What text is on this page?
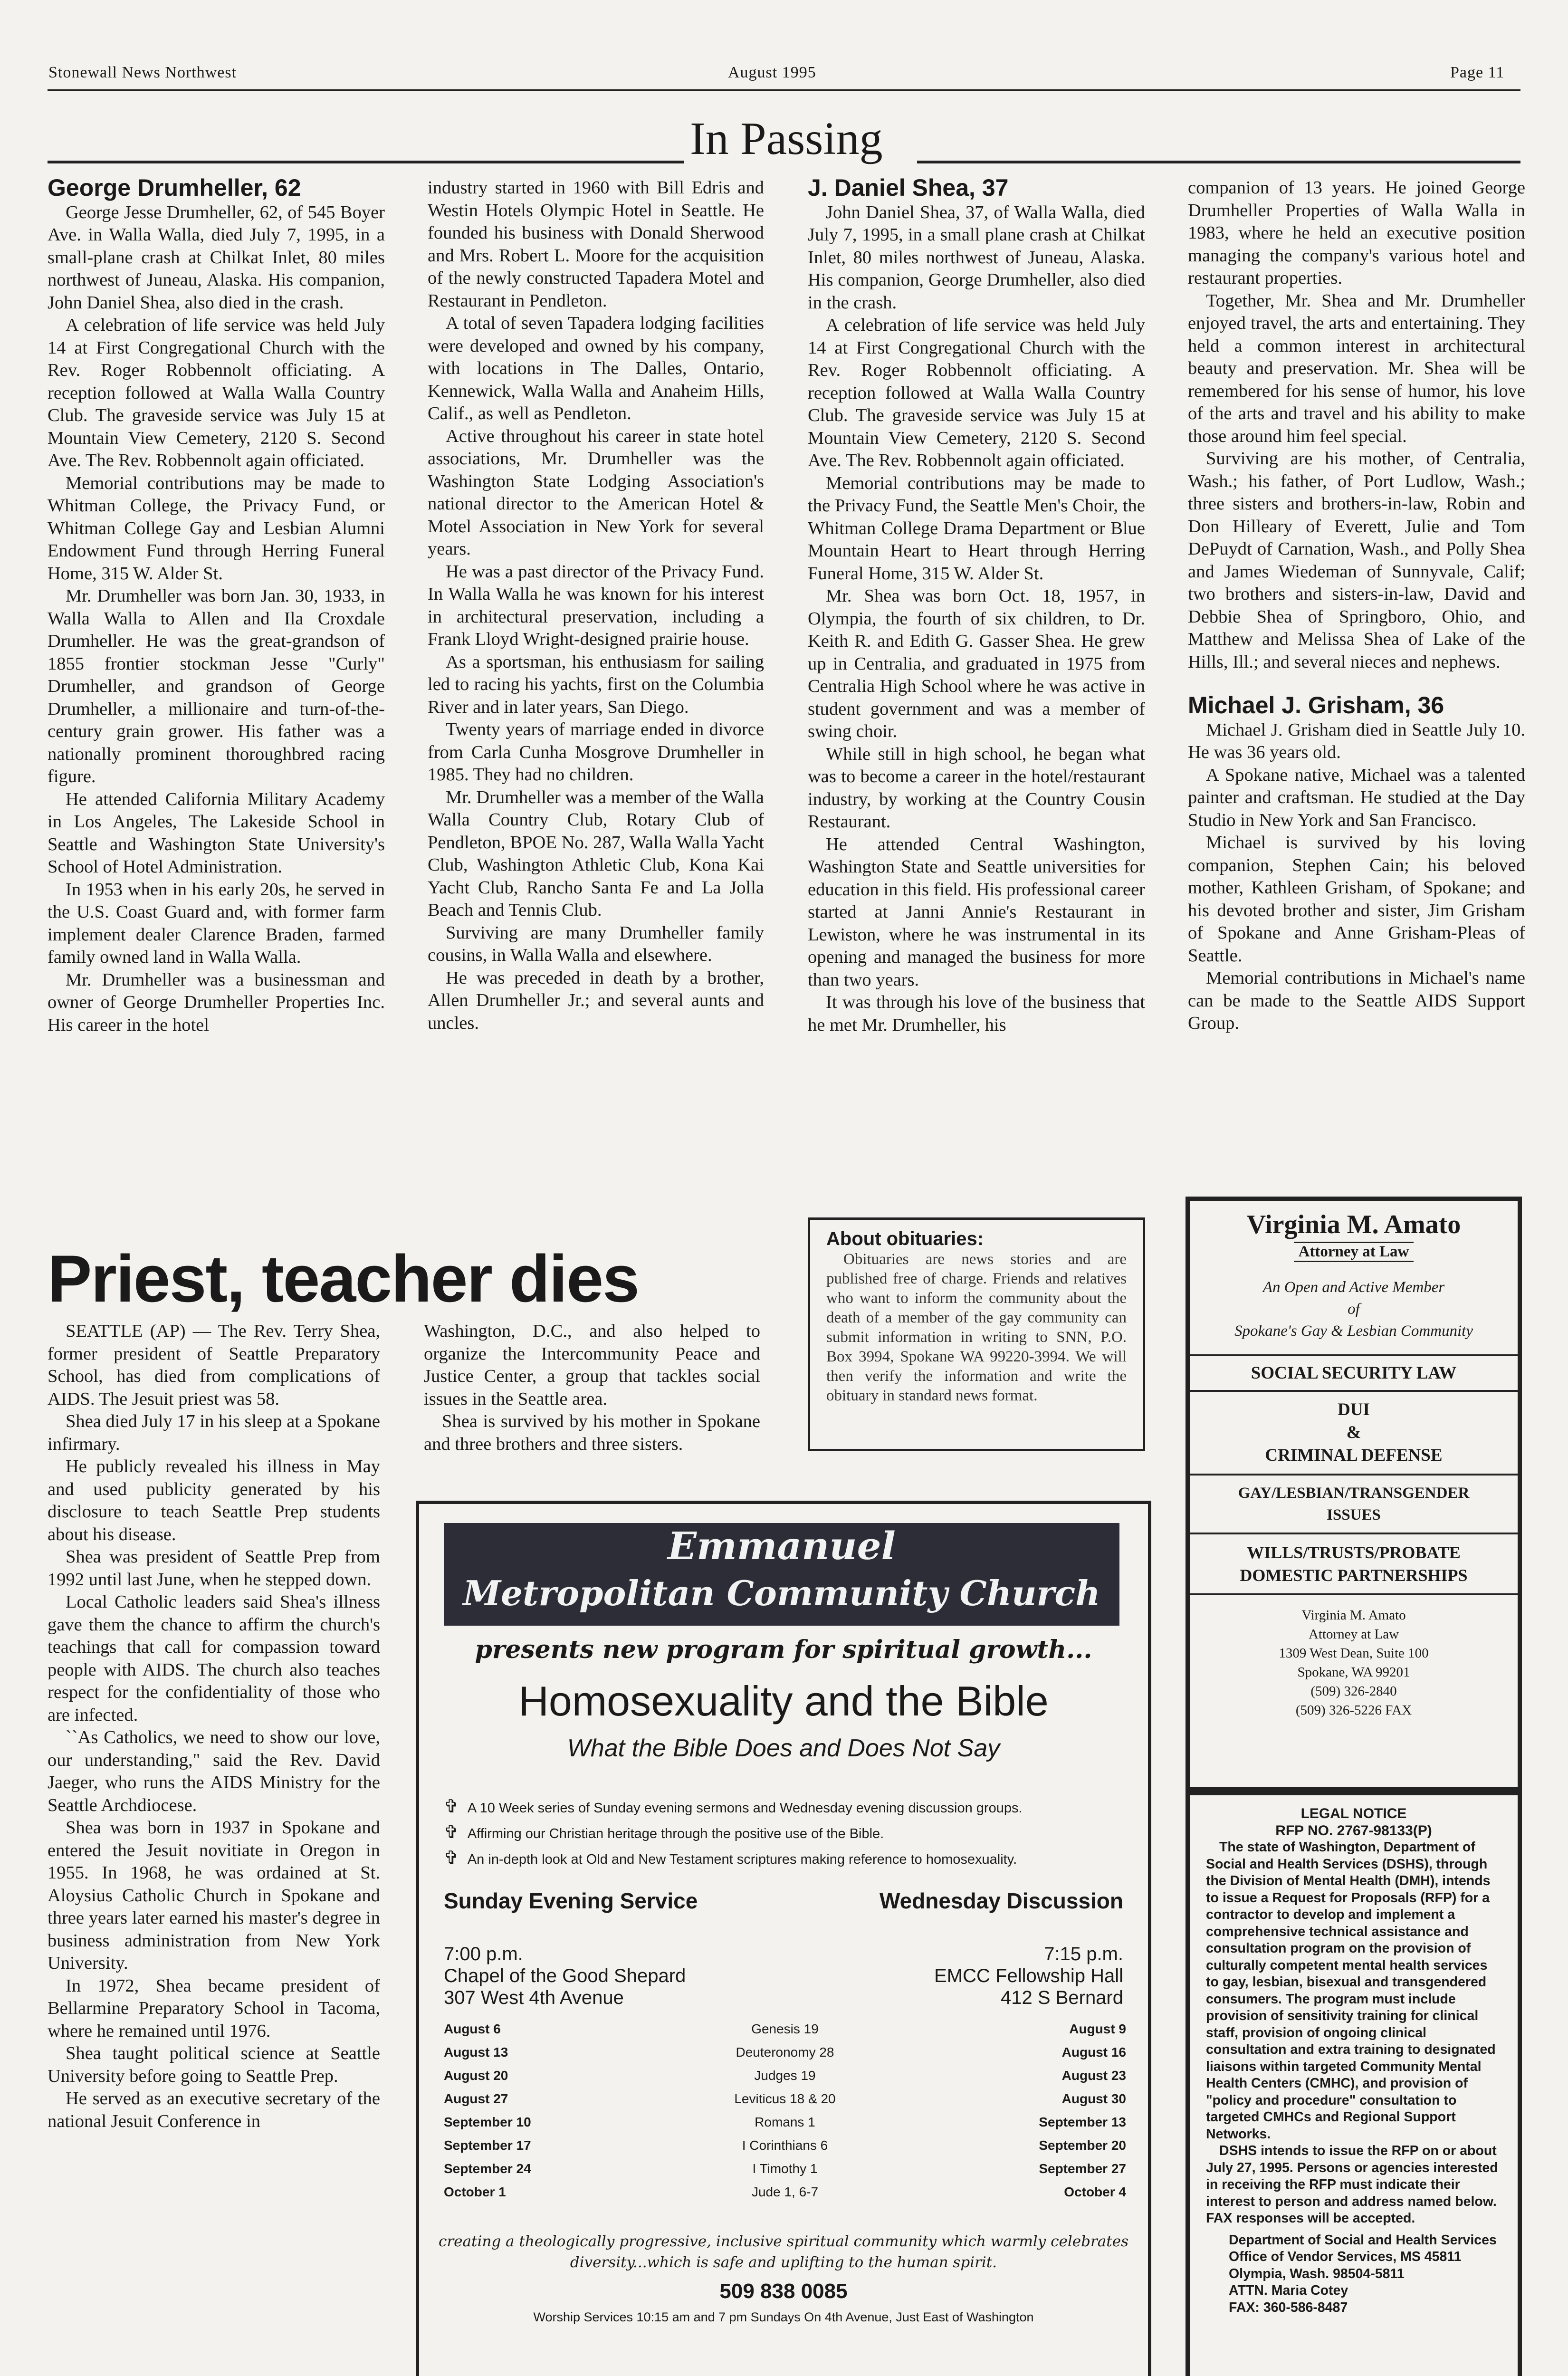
Stonewall News Northwest	August 1995	Page 11
In Passing
George Drumheller, 62

George Jesse Drumheller, 62, of 545 Boyer Ave. in Walla Walla, died July 7, 1995, in a small-plane crash at Chilkat Inlet, 80 miles northwest of Juneau, Alaska. His companion, John Daniel Shea, also died in the crash.

A celebration of life service was held July 14 at First Congregational Church with the Rev. Roger Robbennolt officiating. A reception followed at Walla Walla Country Club. The graveside service was July 15 at Mountain View Cemetery, 2120 S. Second Ave. The Rev. Robbennolt again officiated.

Memorial contributions may be made to Whitman College, the Privacy Fund, or Whitman College Gay and Lesbian Alumni Endowment Fund through Herring Funeral Home, 315 W. Alder St.

Mr. Drumheller was born Jan. 30, 1933, in Walla Walla to Allen and Ila Croxdale Drumheller. He was the great-grandson of 1855 frontier stockman Jesse "Curly" Drumheller, and grandson of George Drumheller, a millionaire and turn-of-the-century grain grower. His father was a nationally prominent thoroughbred racing figure.

He attended California Military Academy in Los Angeles, The Lakeside School in Seattle and Washington State University's School of Hotel Administration.

In 1953 when in his early 20s, he served in the U.S. Coast Guard and, with former farm implement dealer Clarence Braden, farmed family owned land in Walla Walla.

Mr. Drumheller was a businessman and owner of George Drumheller Properties Inc. His career in the hotel

industry started in 1960 with Bill Edris and Westin Hotels Olympic Hotel in Seattle. He founded his business with Donald Sherwood and Mrs. Robert L. Moore for the acquisition of the newly constructed Tapadera Motel and Restaurant in Pendleton.

A total of seven Tapadera lodging facilities were developed and owned by his company, with locations in The Dalles, Ontario, Kennewick, Walla Walla and Anaheim Hills, Calif., as well as Pendleton.

Active throughout his career in state hotel associations, Mr. Drumheller was the Washington State Lodging Association's national director to the American Hotel & Motel Association in New York for several years.

He was a past director of the Privacy Fund. In Walla Walla he was known for his interest in architectural preservation, including a Frank Lloyd Wright-designed prairie house.

As a sportsman, his enthusiasm for sailing led to racing his yachts, first on the Columbia River and in later years, San Diego.

Twenty years of marriage ended in divorce from Carla Cunha Mosgrove Drumheller in 1985. They had no children.

Mr. Drumheller was a member of the Walla Walla Country Club, Rotary Club of Pendleton, BPOE No. 287, Walla Walla Yacht Club, Washington Athletic Club, Kona Kai Yacht Club, Rancho Santa Fe and La Jolla Beach and Tennis Club.

Surviving are many Drumheller family cousins, in Walla Walla and elsewhere.

He was preceded in death by a brother, Allen Drumheller Jr.; and several aunts and uncles.

J. Daniel Shea, 37

John Daniel Shea, 37, of Walla Walla, died July 7, 1995, in a small plane crash at Chilkat Inlet, 80 miles northwest of Juneau, Alaska. His companion, George Drumheller, also died in the crash.

A celebration of life service was held July 14 at First Congregational Church with the Rev. Roger Robbennolt officiating. A reception followed at Walla Walla Country Club. The graveside service was July 15 at Mountain View Cemetery, 2120 S. Second Ave. The Rev. Robbennolt again officiated.

Memorial contributions may be made to the Privacy Fund, the Seattle Men's Choir, the Whitman College Drama Department or Blue Mountain Heart to Heart through Herring Funeral Home, 315 W. Alder St.

Mr. Shea was born Oct. 18, 1957, in Olympia, the fourth of six children, to Dr. Keith R. and Edith G. Gasser Shea. He grew up in Centralia, and graduated in 1975 from Centralia High School where he was active in student government and was a member of swing choir.

While still in high school, he began what was to become a career in the hotel/restaurant industry, by working at the Country Cousin Restaurant.

He attended Central Washington, Washington State and Seattle universities for education in this field. His professional career started at Janni Annie's Restaurant in Lewiston, where he was instrumental in its opening and managed the business for more than two years.

It was through his love of the business that he met Mr. Drumheller, his

companion of 13 years. He joined George Drumheller Properties of Walla Walla in 1983, where he held an executive position managing the company's various hotel and restaurant properties.

Together, Mr. Shea and Mr. Drumheller enjoyed travel, the arts and entertaining. They held a common interest in architectural beauty and preservation. Mr. Shea will be remembered for his sense of humor, his love of the arts and travel and his ability to make those around him feel special.

Surviving are his mother, of Centralia, Wash.; his father, of Port Ludlow, Wash.; three sisters and brothers-in-law, Robin and Don Hilleary of Everett, Julie and Tom DePuydt of Carnation, Wash., and Polly Shea and James Wiedeman of Sunnyvale, Calif; two brothers and sisters-in-law, David and Debbie Shea of Springboro, Ohio, and Matthew and Melissa Shea of Lake of the Hills, Ill.; and several nieces and nephews.

Michael J. Grisham, 36

Michael J. Grisham died in Seattle July 10. He was 36 years old.

A Spokane native, Michael was a talented painter and craftsman. He studied at the Day Studio in New York and San Francisco.

Michael is survived by his loving companion, Stephen Cain; his beloved mother, Kathleen Grisham, of Spokane; and his devoted brother and sister, Jim Grisham of Spokane and Anne Grisham-Pleas of Seattle.

Memorial contributions in Michael's name can be made to the Seattle AIDS Support Group.

Priest, teacher dies

SEATTLE (AP) — The Rev. Terry Shea, former president of Seattle Preparatory School, has died from complications of AIDS. The Jesuit priest was 58.

Shea died July 17 in his sleep at a Spokane infirmary.

He publicly revealed his illness in May and used publicity generated by his disclosure to teach Seattle Prep students about his disease.

Shea was president of Seattle Prep from 1992 until last June, when he stepped down.

Local Catholic leaders said Shea's illness gave them the chance to affirm the church's teachings that call for compassion toward people with AIDS. The church also teaches respect for the confidentiality of those who are infected.

``As Catholics, we need to show our love, our understanding," said the Rev. David Jaeger, who runs the AIDS Ministry for the Seattle Archdiocese.

Shea was born in 1937 in Spokane and entered the Jesuit novitiate in Oregon in 1955. In 1968, he was ordained at St. Aloysius Catholic Church in Spokane and three years later earned his master's degree in business administration from New York University.

In 1972, Shea became president of Bellarmine Preparatory School in Tacoma, where he remained until 1976.

Shea taught political science at Seattle University before going to Seattle Prep.

He served as an executive secretary of the national Jesuit Conference in

Washington, D.C., and also helped to organize the Intercommunity Peace and Justice Center, a group that tackles social issues in the Seattle area.

Shea is survived by his mother in Spokane and three brothers and three sisters.

About obituaries:
Obituaries are news stories and are published free of charge. Friends and relatives who want to inform the community about the death of a member of the gay community can submit information in writing to SNN, P.O. Box 3994, Spokane WA 99220-3994. We will then verify the information and write the obituary in standard news format.
Virginia M. Amato
Attorney at Law
An Open and Active Member
of
Spokane's Gay & Lesbian Community
SOCIAL SECURITY LAW
DUI
&
CRIMINAL DEFENSE
GAY/LESBIAN/TRANSGENDER
ISSUES
WILLS/TRUSTS/PROBATE
DOMESTIC PARTNERSHIPS
Virginia M. Amato
Attorney at Law
1309 West Dean, Suite 100
Spokane, WA 99201
(509) 326-2840
(509) 326-5226 FAX
LEGAL NOTICE
RFP NO. 2767-98133(P)
The state of Washington, Department of Social and Health Services (DSHS), through the Division of Mental Health (DMH), intends to issue a Request for Proposals (RFP) for a contractor to develop and implement a comprehensive technical assistance and consultation program on the provision of culturally competent mental health services to gay, lesbian, bisexual and transgendered consumers. The program must include provision of sensitivity training for clinical staff, provision of ongoing clinical consultation and extra training to designated liaisons within targeted Community Mental Health Centers (CMHC), and provision of "policy and procedure" consultation to targeted CMHCs and Regional Support Networks.
DSHS intends to issue the RFP on or about July 27, 1995. Persons or agencies interested in receiving the RFP must indicate their interest to person and address named below. FAX responses will be accepted.
Department of Social and Health Services
Office of Vendor Services, MS 45811
Olympia, Wash. 98504-5811
ATTN. Maria Cotey
FAX: 360-586-8487
Emmanuel
Metropolitan Community Church
presents new program for spiritual growth...
Homosexuality and the Bible
What the Bible Does and Does Not Say
✞ A 10 Week series of Sunday evening sermons and Wednesday evening discussion groups.
✞ Affirming our Christian heritage through the positive use of the Bible.
✞ An in-depth look at Old and New Testament scriptures making reference to homosexuality.
Sunday Evening Service	Wednesday Discussion
7:00 p.m.
Chapel of the Good Shepard
307 West 4th Avenue
7:15 p.m.
EMCC Fellowship Hall
412 S Bernard
August 6	Genesis 19	August 9
August 13	Deuteronomy 28	August 16
August 20	Judges 19	August 23
August 27	Leviticus 18 & 20	August 30
September 10	Romans 1	September 13
September 17	I Corinthians 6	September 20
September 24	I Timothy 1	September 27
October 1	Jude 1, 6-7	October 4
creating a theologically progressive, inclusive spiritual community which warmly celebrates
diversity...which is safe and uplifting to the human spirit.
509 838 0085
Worship Services 10:15 am and 7 pm Sundays On 4th Avenue, Just East of Washington
